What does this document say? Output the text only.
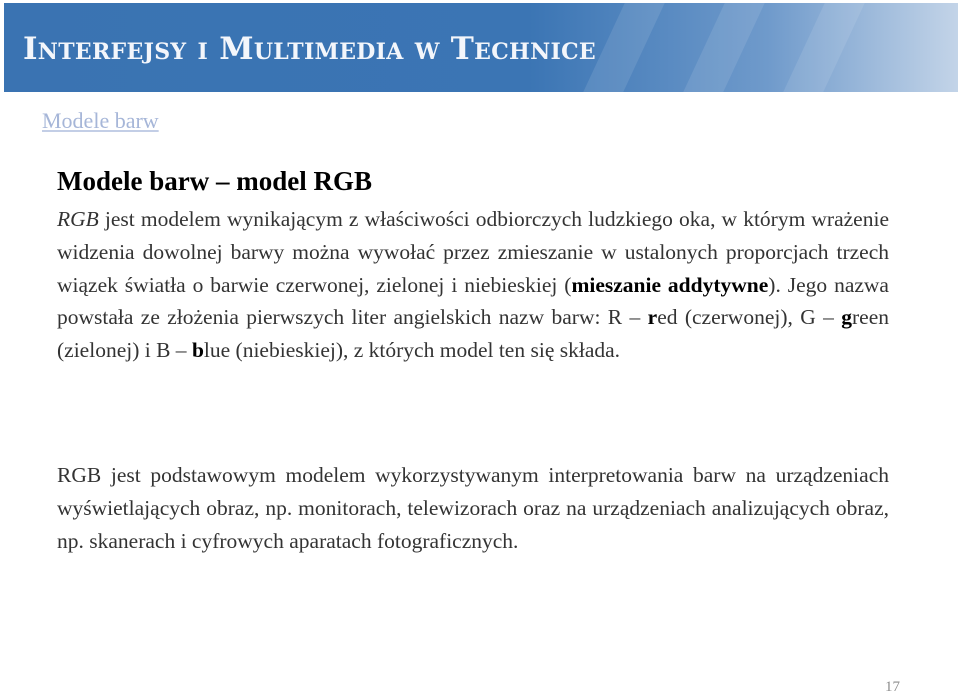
Interfejsy i Multimedia w Technice
Modele barw
Modele barw – model RGB

RGB jest modelem wynikającym z właściwości odbiorczych ludzkiego oka, w którym wrażenie widzenia dowolnej barwy można wywołać przez zmieszanie w ustalonych proporcjach trzech wiązek światła o barwie czerwonej, zielonej i niebieskiej (mieszanie addytywne). Jego nazwa powstała ze złożenia pierwszych liter angielskich nazw barw: R – red (czerwonej), G – green (zielonej) i B – blue (niebieskiej), z których model ten się składa.

RGB jest podstawowym modelem wykorzystywanym interpretowania barw na urządzeniach wyświetlających obraz, np. monitorach, telewizorach oraz na urządzeniach analizujących obraz, np. skanerach i cyfrowych aparatach fotograficznych.

17
